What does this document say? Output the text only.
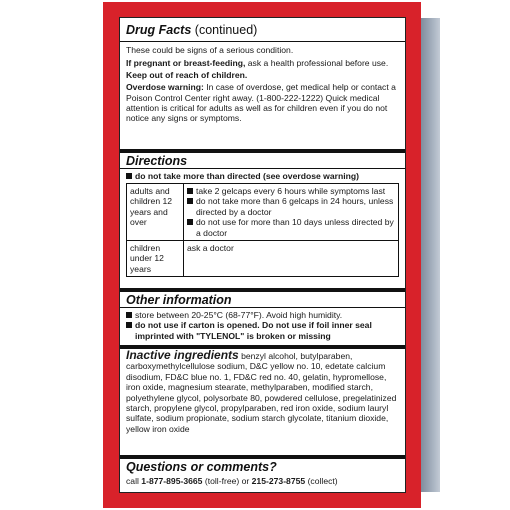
Drug Facts (continued)

These could be signs of a serious condition.

If pregnant or breast-feeding, ask a health professional before use.

Keep out of reach of children.

Overdose warning: In case of overdose, get medical help or contact a Poison Control Center right away. (1-800-222-1222) Quick medical attention is critical for adults as well as for children even if you do not notice any signs or symptoms.

Directions

do not take more than directed (see overdose warning)

adults and children 12 years and over
take 2 gelcaps every 6 hours while symptoms last
do not take more than 6 gelcaps in 24 hours, unless directed by a doctor
do not use for more than 10 days unless directed by a doctor
children under 12 years
ask a doctor
Other information
store between 20-25°C (68-77°F). Avoid high humidity.
do not use if carton is opened. Do not use if foil inner seal imprinted with "TYLENOL" is broken or missing

Inactive ingredients benzyl alcohol, butylparaben, carboxymethylcellulose sodium, D&C yellow no. 10, edetate calcium disodium, FD&C blue no. 1, FD&C red no. 40, gelatin, hypromellose, iron oxide, magnesium stearate, methylparaben, modified starch, polyethylene glycol, polysorbate 80, powdered cellulose, pregelatinized starch, propylene glycol, propylparaben, red iron oxide, sodium lauryl sulfate, sodium propionate, sodium starch glycolate, titanium dioxide, yellow iron oxide

Questions or comments?

call 1-877-895-3665 (toll-free) or 215-273-8755 (collect)
